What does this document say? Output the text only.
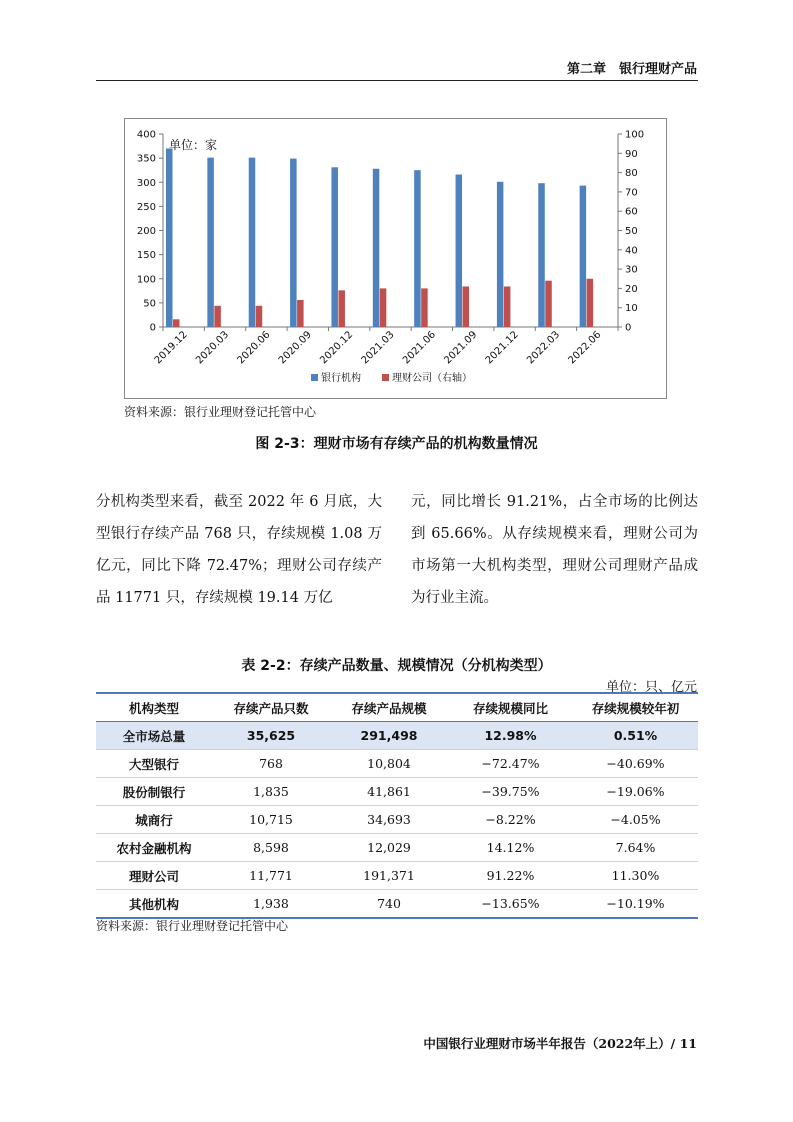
第二章　银行理财产品
0
50
100
150
200
250
300
350
400
0
10
20
30
40
50
60
70
80
90
100
2019.12 2020.03 2020.06 2020.09 2020.12 2021.03 2021.06 2021.09 2021.12 2022.03 2022.06
单位：家
银行机构	理财公司（右轴）
资料来源：银行业理财登记托管中心
图 2-3：理财市场有存续产品的机构数量情况

分机构类型来看，截至 2022 年 6 月底，大型银行存续产品 768 只，存续规模 1.08 万亿元，同比下降 72.47%；理财公司存续产品 11771 只，存续规模 19.14 万亿

元，同比增长 91.21%，占全市场的比例达到 65.66%。从存续规模来看，理财公司为市场第一大机构类型，理财公司理财产品成为行业主流。

表 2-2：存续产品数量、规模情况（分机构类型）
单位：只、亿元
机构类型	存续产品只数	存续产品规模	存续规模同比	存续规模较年初
全市场总量	35,625	291,498	12.98%	0.51%
大型银行	768	10,804	−72.47%	−40.69%
股份制银行	1,835	41,861	−39.75%	−19.06%
城商行	10,715	34,693	−8.22%	−4.05%
农村金融机构	8,598	12,029	14.12%	7.64%
理财公司	11,771	191,371	91.22%	11.30%
其他机构	1,938	740	−13.65%	−10.19%
资料来源：银行业理财登记托管中心
中国银行业理财市场半年报告（2022年上）/ 11
